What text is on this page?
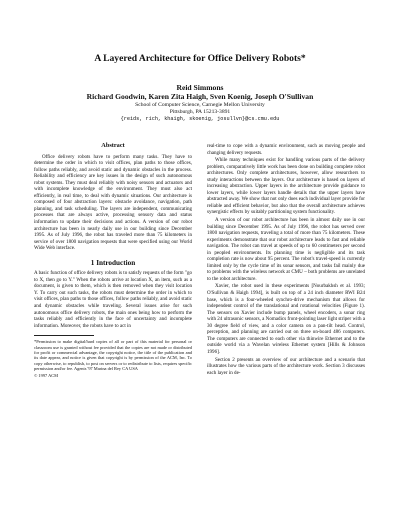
A Layered Architecture for Office Delivery Robots*
Reid Simmons
Richard Goodwin, Karen Zita Haigh, Sven Koenig, Joseph O'Sullivan
School of Computer Science, Carnegie Mellon University
Pittsburgh, PA 15213-3891
{reids, rich, khaigh, skoenig, josullvn}@cs.cmu.edu
Abstract

Office delivery robots have to perform many tasks. They have to determine the order in which to visit offices, plan paths to those offices, follow paths reliably, and avoid static and dynamic obstacles in the process. Reliability and efficiency are key issues in the design of such autonomous robot systems. They must deal reliably with noisy sensors and actuators and with incomplete knowledge of the environment. They must also act efficiently, in real time, to deal with dynamic situations. Our architecture is composed of four abstraction layers: obstacle avoidance, navigation, path planning, and task scheduling. The layers are independent, communicating processes that are always active, processing sensory data and status information to update their decisions and actions. A version of our robot architecture has been in nearly daily use in our building since December 1995. As of July 1996, the robot has traveled more than 75 kilometers in service of over 1800 navigation requests that were specified using our World Wide Web interface.

1 Introduction

A basic function of office delivery robots is to satisfy requests of the form "go to X, then go to Y." When the robots arrive at location X, an item, such as a document, is given to them, which is then removed when they visit location Y. To carry out such tasks, the robots must determine the order in which to visit offices, plan paths to those offices, follow paths reliably, and avoid static and dynamic obstacles while traveling. Several issues arise for such autonomous office delivery robots, the main ones being how to perform the tasks reliably and efficiently in the face of uncertainty and incomplete information. Moreover, the robots have to act in

*Permission to make digital/hard copies of all or part of this material for personal or classroom use is granted without fee provided that the copies are not made or distributed for profit or commercial advantage, the copyright notice, the title of the publication and its date appear, and notice is given that copyright is by permission of the ACM, Inc. To copy otherwise, to republish, to post on servers or to redistribute to lists, requires specific permission and/or fee. Agents '97 Marina del Rey CA USA

© 1997 ACM

real-time to cope with a dynamic environment, such as moving people and changing delivery requests.

While many techniques exist for handling various parts of the delivery problem, comparatively little work has been done on building complete robot architectures. Only complete architectures, however, allow researchers to study interactions between the layers. Our architecture is based on layers of increasing abstraction. Upper layers in the architecture provide guidance to lower layers, while lower layers handle details that the upper layers have abstracted away. We show that not only does each individual layer provide for reliable and efficient behavior, but also that the overall architecture achieves synergistic effects by suitably partitioning system functionality.

A version of our robot architecture has been in almost daily use in our building since December 1995. As of July 1996, the robot has served over 1800 navigation requests, traveling a total of more than 75 kilometers. These experiments demonstrate that our robot architecture leads to fast and reliable navigation. The robot can travel at speeds of up to 60 centimeters per second in peopled environments. Its planning time is negligible and its task completion rate is now about 95 percent. The robot's travel-speed is currently limited only by the cycle time of its sonar sensors, and tasks fail mainly due to problems with the wireless network at CMU – both problems are unrelated to the robot architecture.

Xavier, the robot used in these experiments [Nourbakhsh et al. 1993; O'Sullivan & Haigh 1994], is built on top of a 24 inch diameter RWI B24 base, which is a four-wheeled synchro-drive mechanism that allows for independent control of the translational and rotational velocities (Figure 1). The sensors on Xavier include bump panels, wheel encoders, a sonar ring with 24 ultrasonic sensors, a Nomadics front-pointing laser light striper with a 30 degree field of view, and a color camera on a pan-tilt head. Control, perception, and planning are carried out on three on-board 486 computers. The computers are connected to each other via thinwire Ethernet and to the outside world via a Wavelan wireless Ethernet system [Hills & Johnson 1996].

Section 2 presents an overview of our architecture and a scenario that illustrates how the various parts of the architecture work. Section 3 discusses each layer in de-
